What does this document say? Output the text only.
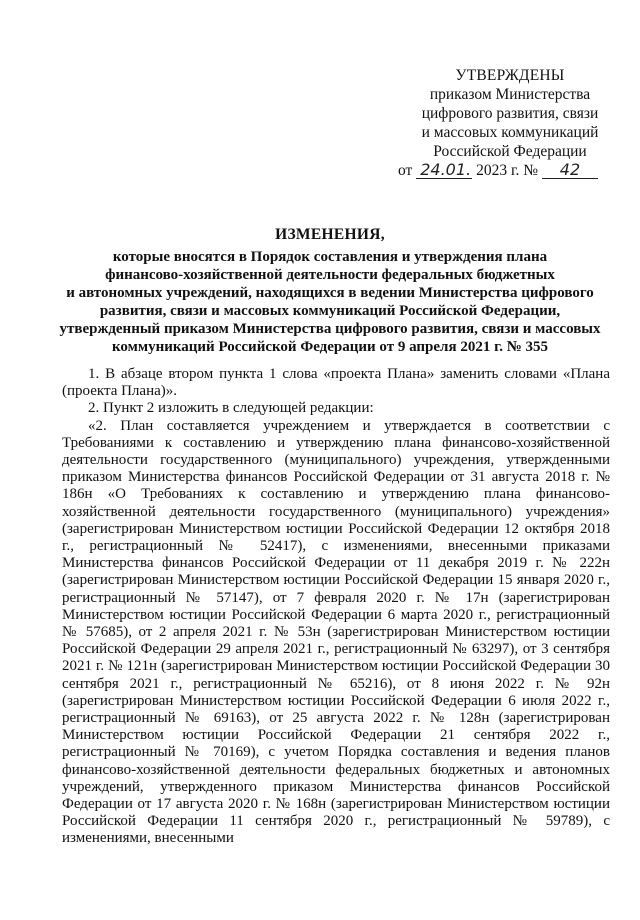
УТВЕРЖДЕНЫ
приказом Министерства
цифрового развития, связи
и массовых коммуникаций
Российской Федерации
от 24.01. 2023 г. № 42
ИЗМЕНЕНИЯ,
которые вносятся в Порядок составления и утверждения плана
финансово-хозяйственной деятельности федеральных бюджетных
и автономных учреждений, находящихся в ведении Министерства цифрового
развития, связи и массовых коммуникаций Российской Федерации,
утвержденный приказом Министерства цифрового развития, связи и массовых
коммуникаций Российской Федерации от 9 апреля 2021 г. № 355

1. В абзаце втором пункта 1 слова «проекта Плана» заменить словами «Плана (проекта Плана)».

2. Пункт 2 изложить в следующей редакции:

«2. План составляется учреждением и утверждается в соответствии с Требованиями к составлению и утверждению плана финансово-хозяйственной деятельности государственного (муниципального) учреждения, утвержденными приказом Министерства финансов Российской Федерации от 31 августа 2018 г. № 186н «О Требованиях к составлению и утверждению плана финансово-хозяйственной деятельности государственного (муниципального) учреждения» (зарегистрирован Министерством юстиции Российской Федерации 12 октября 2018 г., регистрационный № 52417), с изменениями, внесенными приказами Министерства финансов Российской Федерации от 11 декабря 2019 г. № 222н (зарегистрирован Министерством юстиции Российской Федерации 15 января 2020 г., регистрационный № 57147), от 7 февраля 2020 г. № 17н (зарегистрирован Министерством юстиции Российской Федерации 6 марта 2020 г., регистрационный № 57685), от 2 апреля 2021 г. № 53н (зарегистрирован Министерством юстиции Российской Федерации 29 апреля 2021 г., регистрационный № 63297), от 3 сентября 2021 г. № 121н (зарегистрирован Министерством юстиции Российской Федерации 30 сентября 2021 г., регистрационный № 65216), от 8 июня 2022 г. № 92н (зарегистрирован Министерством юстиции Российской Федерации 6 июля 2022 г., регистрационный № 69163), от 25 августа 2022 г. № 128н (зарегистрирован Министерством юстиции Российской Федерации 21 сентября 2022 г., регистрационный № 70169), с учетом Порядка составления и ведения планов финансово-хозяйственной деятельности федеральных бюджетных и автономных учреждений, утвержденного приказом Министерства финансов Российской Федерации от 17 августа 2020 г. № 168н (зарегистрирован Министерством юстиции Российской Федерации 11 сентября 2020 г., регистрационный № 59789), с изменениями, внесенными
